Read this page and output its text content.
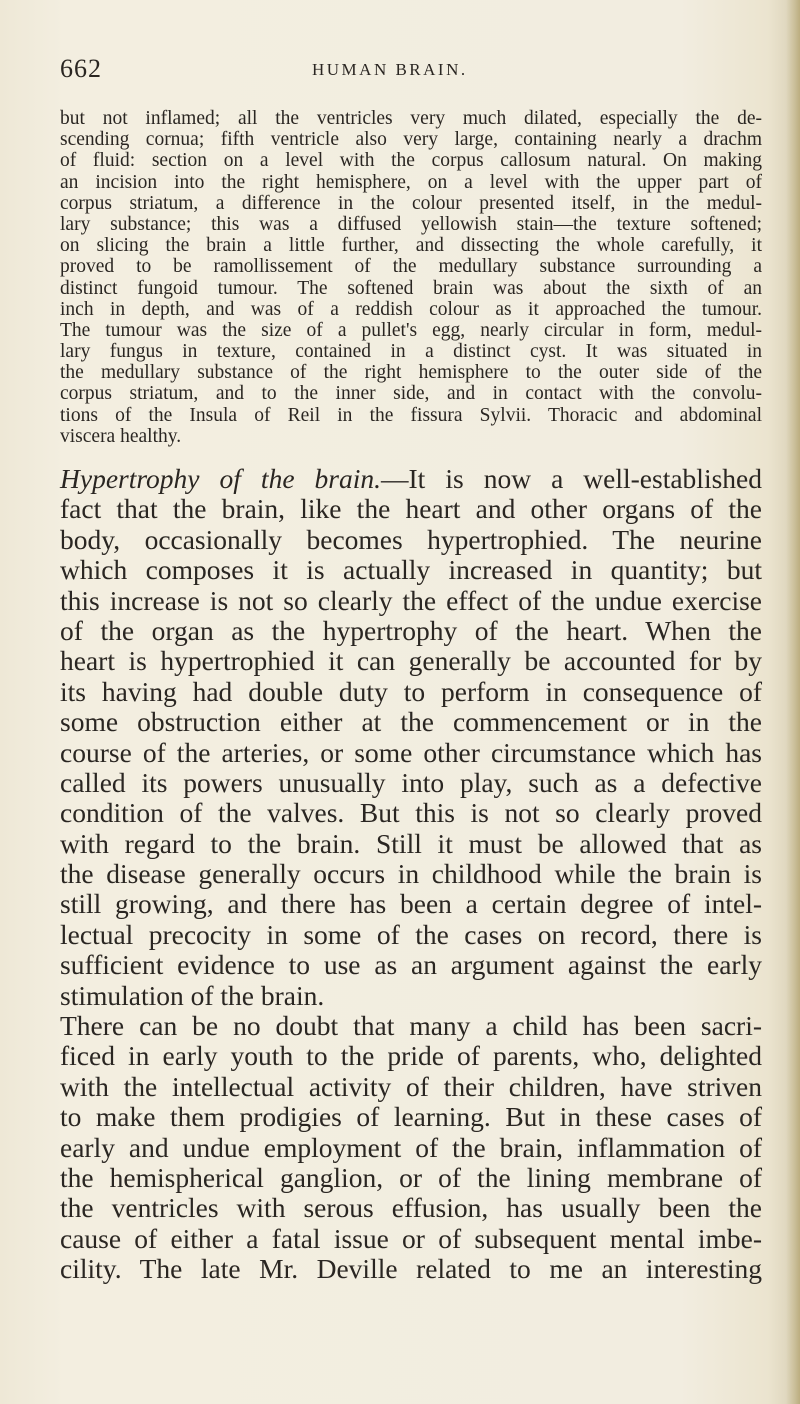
662	HUMAN BRAIN.
but not inflamed; all the ventricles very much dilated, especially the de-
scending cornua; fifth ventricle also very large, containing nearly a drachm
of fluid: section on a level with the corpus callosum natural. On making
an incision into the right hemisphere, on a level with the upper part of
corpus striatum, a difference in the colour presented itself, in the medul-
lary substance; this was a diffused yellowish stain—the texture softened;
on slicing the brain a little further, and dissecting the whole carefully, it
proved to be ramollissement of the medullary substance surrounding a
distinct fungoid tumour. The softened brain was about the sixth of an
inch in depth, and was of a reddish colour as it approached the tumour.
The tumour was the size of a pullet's egg, nearly circular in form, medul-
lary fungus in texture, contained in a distinct cyst. It was situated in
the medullary substance of the right hemisphere to the outer side of the
corpus striatum, and to the inner side, and in contact with the convolu-
tions of the Insula of Reil in the fissura Sylvii. Thoracic and abdominal
viscera healthy.
Hypertrophy of the brain.—It is now a well-established
fact that the brain, like the heart and other organs of the
body, occasionally becomes hypertrophied. The neurine
which composes it is actually increased in quantity; but
this increase is not so clearly the effect of the undue exercise
of the organ as the hypertrophy of the heart. When the
heart is hypertrophied it can generally be accounted for by
its having had double duty to perform in consequence of
some obstruction either at the commencement or in the
course of the arteries, or some other circumstance which has
called its powers unusually into play, such as a defective
condition of the valves. But this is not so clearly proved
with regard to the brain. Still it must be allowed that as
the disease generally occurs in childhood while the brain is
still growing, and there has been a certain degree of intel-
lectual precocity in some of the cases on record, there is
sufficient evidence to use as an argument against the early
stimulation of the brain.
There can be no doubt that many a child has been sacri-
ficed in early youth to the pride of parents, who, delighted
with the intellectual activity of their children, have striven
to make them prodigies of learning. But in these cases of
early and undue employment of the brain, inflammation of
the hemispherical ganglion, or of the lining membrane of
the ventricles with serous effusion, has usually been the
cause of either a fatal issue or of subsequent mental imbe-
cility. The late Mr. Deville related to me an interesting
